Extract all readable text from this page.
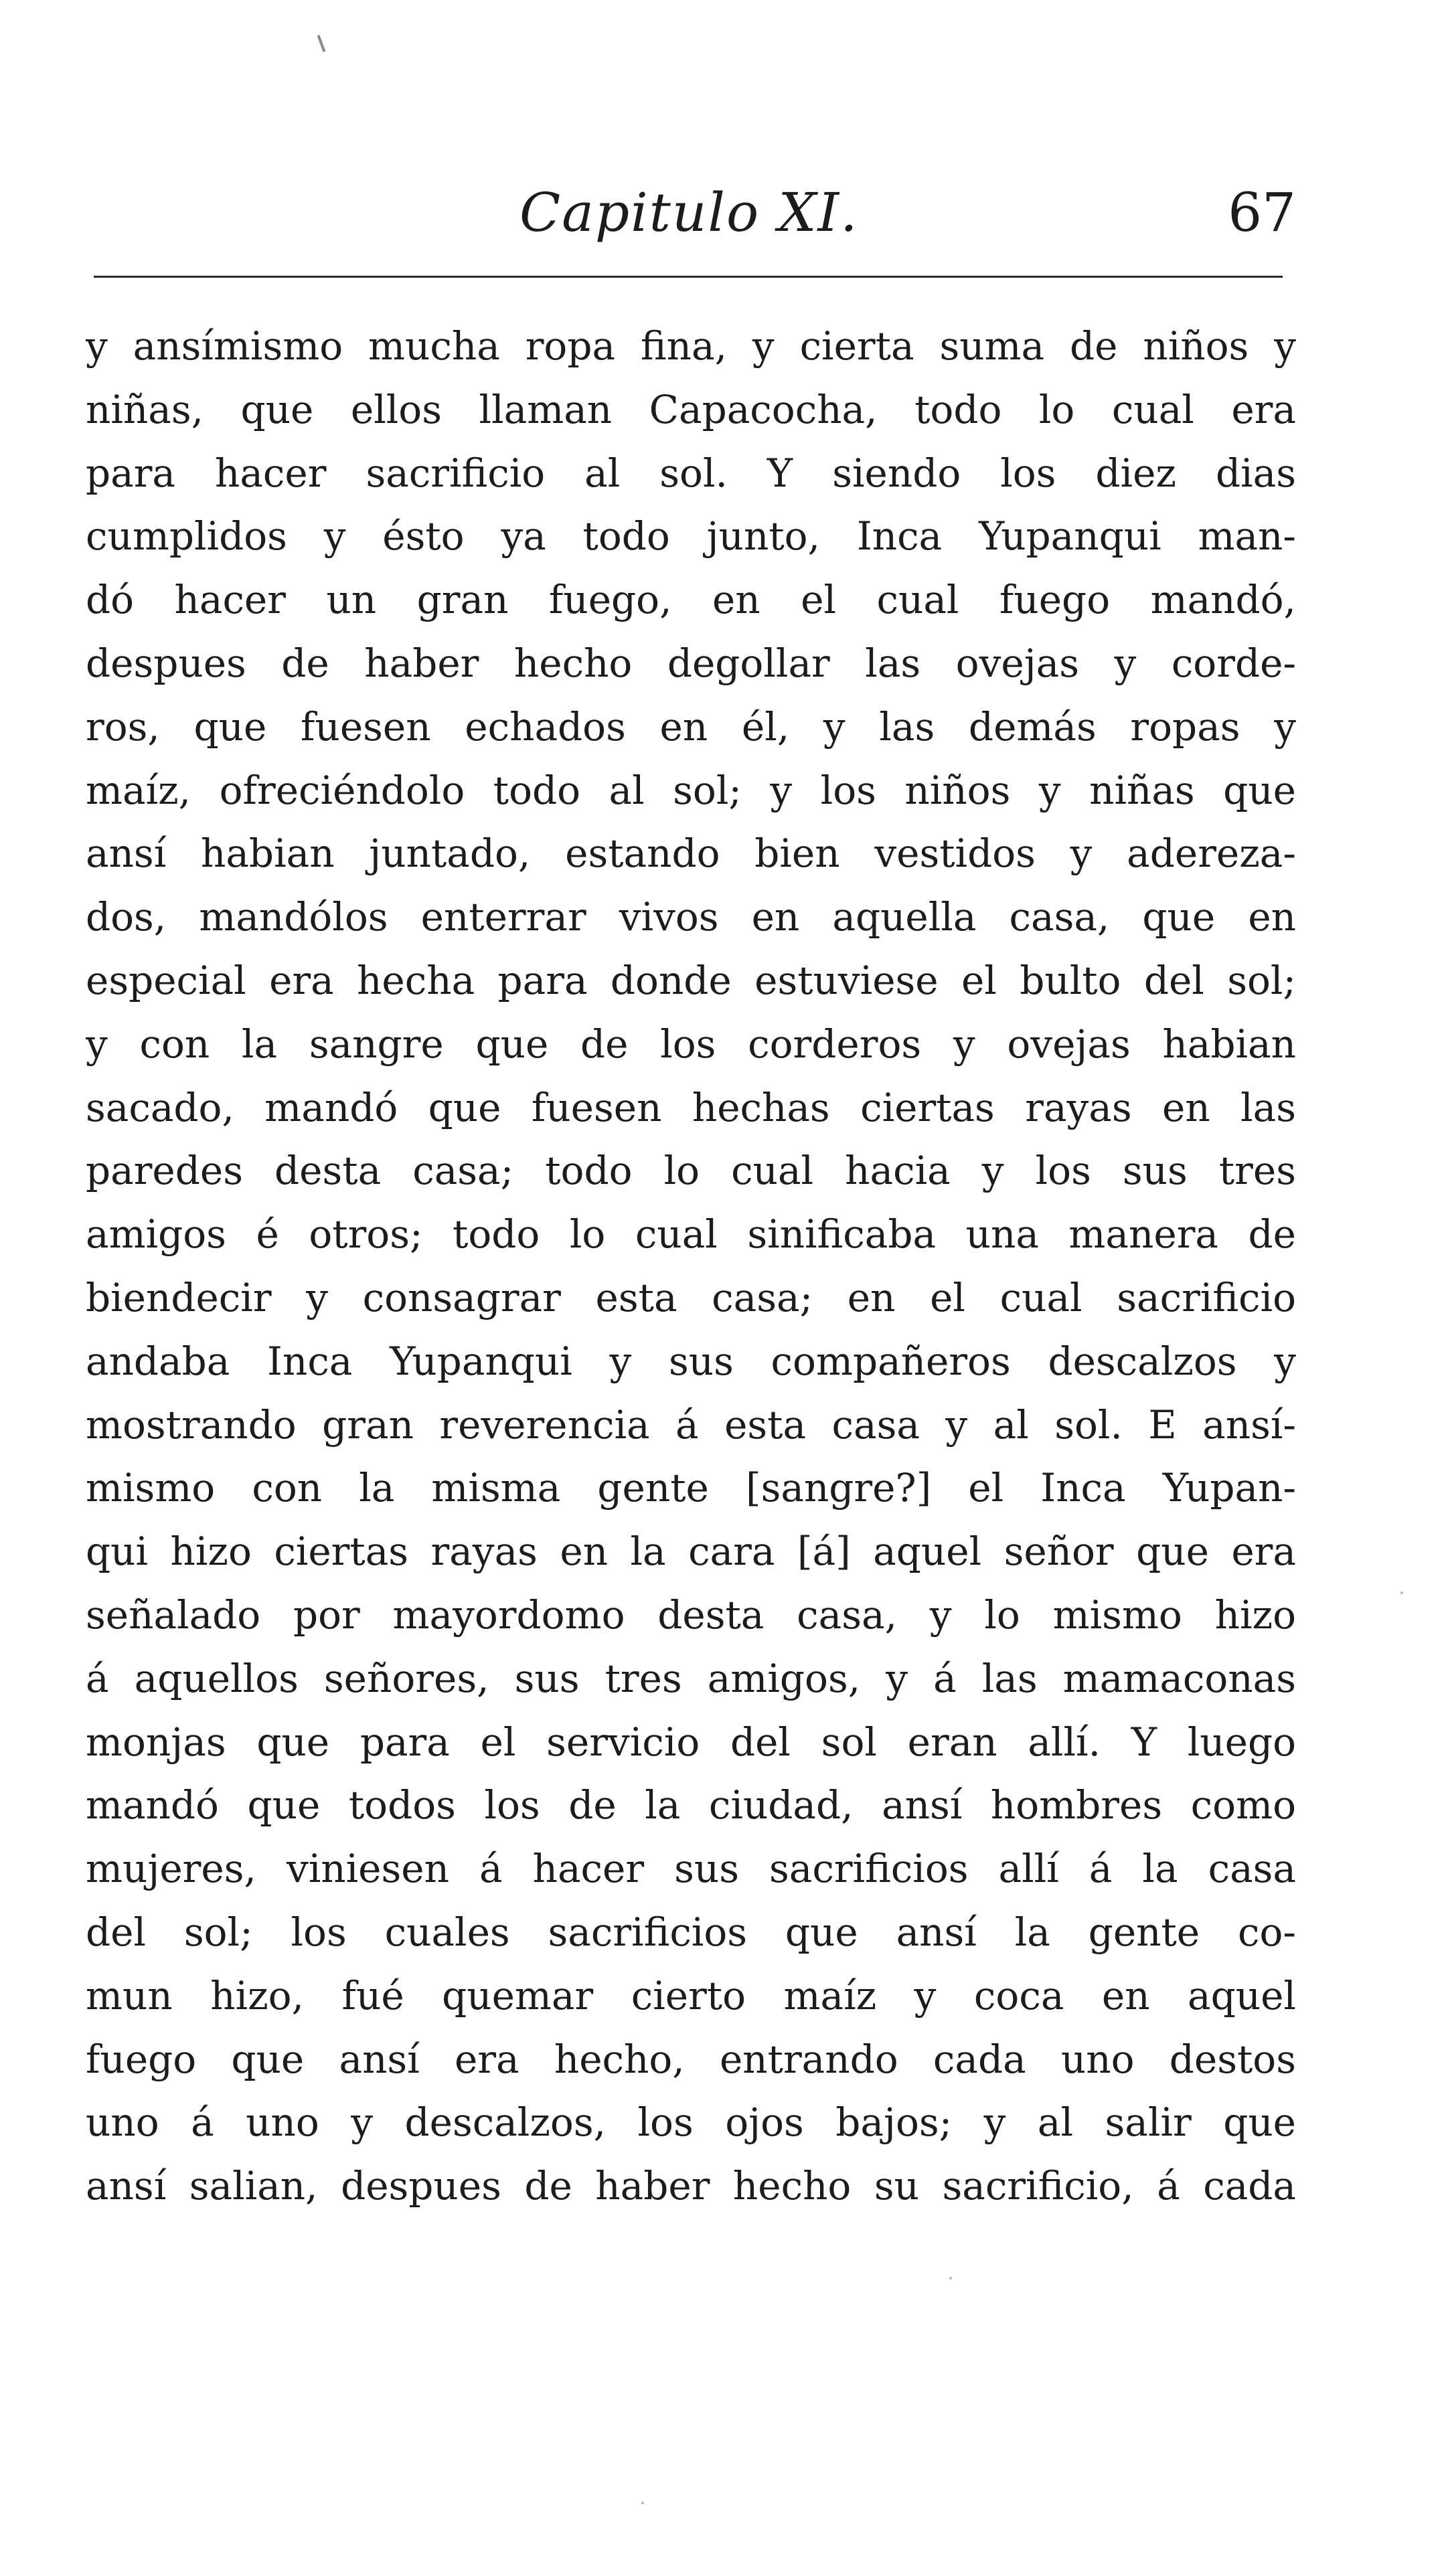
Capitulo XI.	67
y ansímismo mucha ropa fina, y cierta suma de niños y
niñas, que ellos llaman Capacocha, todo lo cual era
para hacer sacrificio al sol. Y siendo los diez dias
cumplidos y ésto ya todo junto, Inca Yupanqui man-
dó hacer un gran fuego, en el cual fuego mandó,
despues de haber hecho degollar las ovejas y corde-
ros, que fuesen echados en él, y las demás ropas y
maíz, ofreciéndolo todo al sol; y los niños y niñas que
ansí habian juntado, estando bien vestidos y adereza-
dos, mandólos enterrar vivos en aquella casa, que en
especial era hecha para donde estuviese el bulto del sol;
y con la sangre que de los corderos y ovejas habian
sacado, mandó que fuesen hechas ciertas rayas en las
paredes desta casa; todo lo cual hacia y los sus tres
amigos é otros; todo lo cual sinificaba una manera de
biendecir y consagrar esta casa; en el cual sacrificio
andaba Inca Yupanqui y sus compañeros descalzos y
mostrando gran reverencia á esta casa y al sol. E ansí-
mismo con la misma gente [sangre?] el Inca Yupan-
qui hizo ciertas rayas en la cara [á] aquel señor que era
señalado por mayordomo desta casa, y lo mismo hizo
á aquellos señores, sus tres amigos, y á las mamaconas
monjas que para el servicio del sol eran allí. Y luego
mandó que todos los de la ciudad, ansí hombres como
mujeres, viniesen á hacer sus sacrificios allí á la casa
del sol; los cuales sacrificios que ansí la gente co-
mun hizo, fué quemar cierto maíz y coca en aquel
fuego que ansí era hecho, entrando cada uno destos
uno á uno y descalzos, los ojos bajos; y al salir que
ansí salian, despues de haber hecho su sacrificio, á cada
